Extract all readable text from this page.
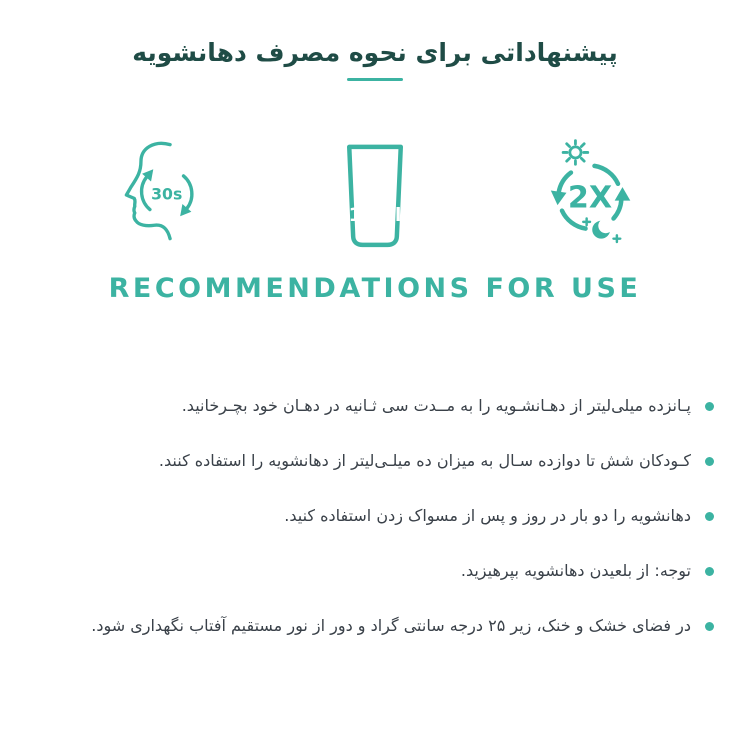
پیشنهاداتی برای نحوه مصرف دهانشویه
30s
15ml	2X
RECOMMENDATIONS FOR USE
پـانزده میلی‌لیتر از دهـانشـویه را به مــدت سی ثـانیه در دهـان خود بچـرخانید.
کـودکان شش تا دوازده سـال به میزان ده میلـی‌لیتر از دهانشویه را استفاده کنند.
دهانشویه را دو بار در روز و پس از مسواک زدن استفاده کنید.
توجه: از بلعیدن دهانشویه بپرهیزید.
در فضای خشک و خنک، زیر ۲۵ درجه سانتی گراد و دور از نور مستقیم آفتاب نگهداری شود.
